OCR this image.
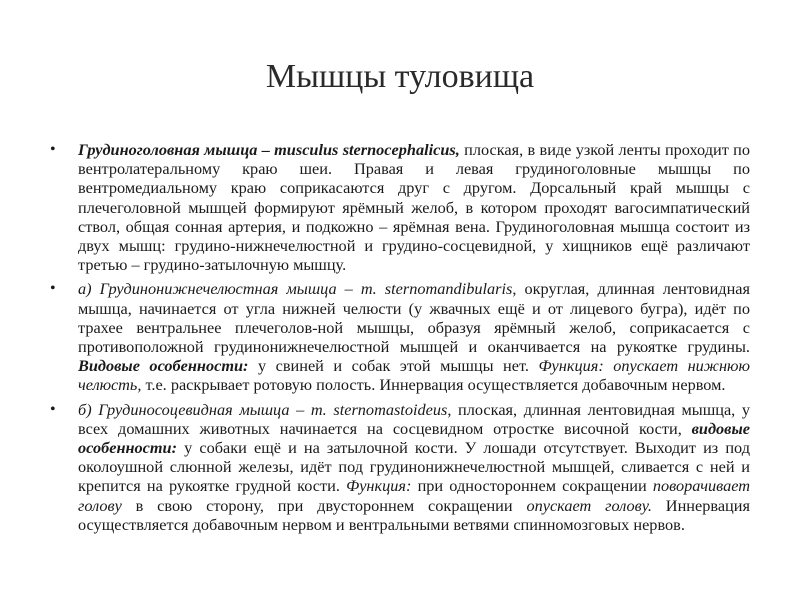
Мышцы туловища
• Грудиноголовная мышца – musculus sternocephalicus, плоская, в виде узкой ленты проходит по вентролатеральному краю шеи. Правая и левая грудиноголовные мышцы по вентромедиальному краю соприкасаются друг с другом. Дорсальный край мышцы с плечеголовной мышцей формируют ярёмный желоб, в котором проходят вагосимпатический ствол, общая сонная артерия, и подкожно – ярёмная вена. Грудиноголовная мышца состоит из двух мышц: грудино-нижнечелюстной и грудино-сосцевидной, у хищников ещё различают третью – грудино-затылочную мышцу.
• а) Грудинонижнечелюстная мышца – m. sternomandibularis, округлая, длинная лентовидная мышца, начинается от угла нижней челюсти (у жвачных ещё и от лицевого бугра), идёт по трахее вентральнее плечеголов-ной мышцы, образуя ярёмный желоб, соприкасается с противоположной грудинонижнечелюстной мышцей и оканчивается на рукоятке грудины. Видовые особенности: у свиней и собак этой мышцы нет. Функция: опускает нижнюю челюсть, т.е. раскрывает ротовую полость. Иннервация осуществляется добавочным нервом.
• б) Грудиносоцевидная мышца – m. sternomastoideus, плоская, длинная лентовидная мышца, у всех домашних животных начинается на сосцевидном отростке височной кости, видовые особенности: у собаки ещё и на затылочной кости. У лошади отсутствует. Выходит из под околоушной слюнной железы, идёт под грудинонижнечелюстной мышцей, сливается с ней и крепится на рукоятке грудной кости. Функция: при одностороннем сокращении поворачивает голову в свою сторону, при двустороннем сокращении опускает голову. Иннервация осуществляется добавочным нервом и вентральными ветвями спинномозговых нервов.
